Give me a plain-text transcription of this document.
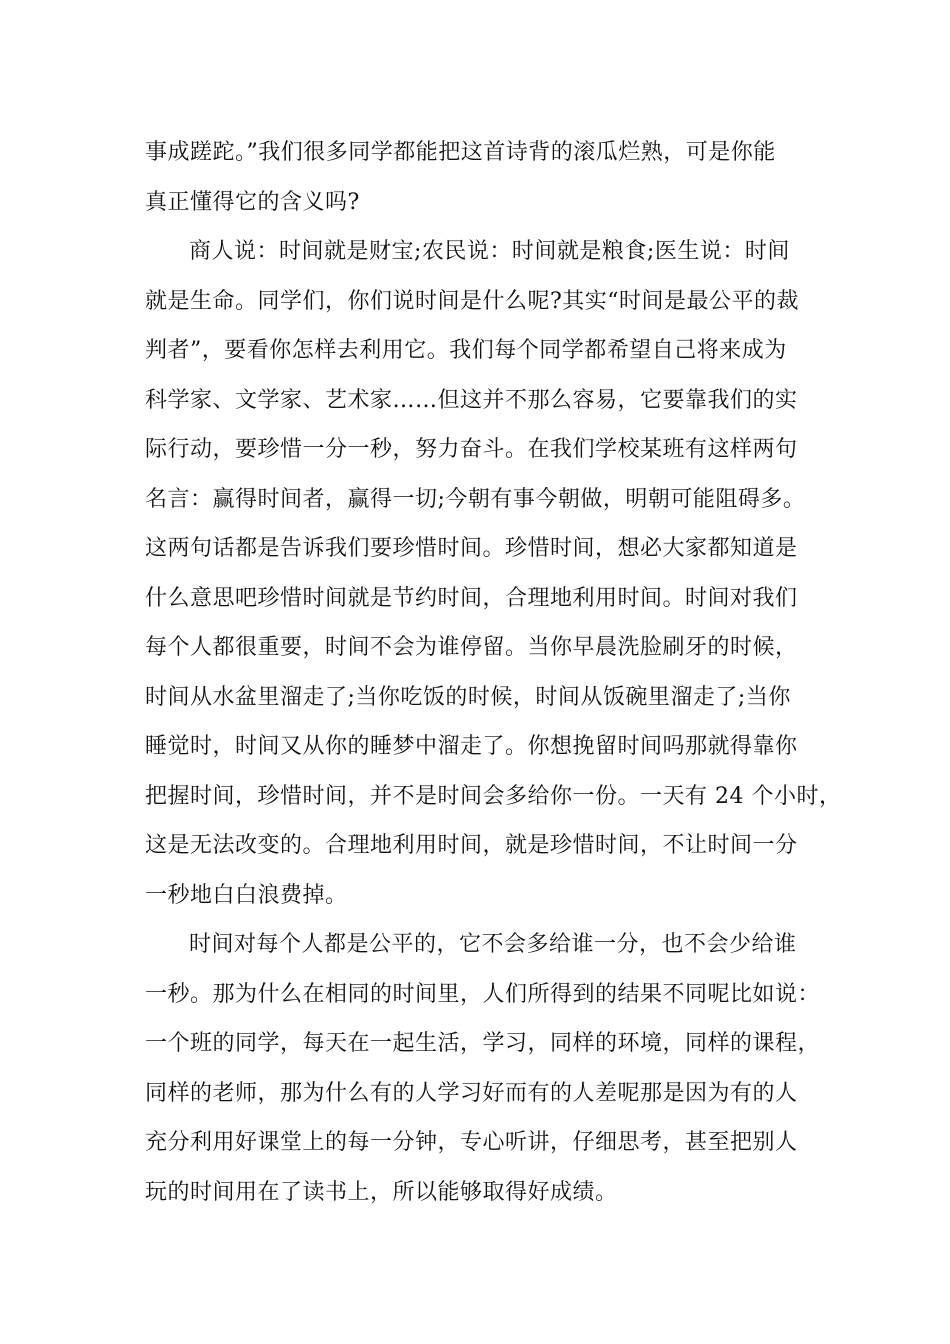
事成蹉跎。”我们很多同学都能把这首诗背的滚瓜烂熟，可是你能
真正懂得它的含义吗?
商人说：时间就是财宝;农民说：时间就是粮食;医生说：时间
就是生命。同学们，你们说时间是什么呢?其实“时间是最公平的裁
判者”，要看你怎样去利用它。我们每个同学都希望自己将来成为
科学家、文学家、艺术家……但这并不那么容易，它要靠我们的实
际行动，要珍惜一分一秒，努力奋斗。在我们学校某班有这样两句
名言：赢得时间者，赢得一切;今朝有事今朝做，明朝可能阻碍多。
这两句话都是告诉我们要珍惜时间。珍惜时间，想必大家都知道是
什么意思吧珍惜时间就是节约时间，合理地利用时间。时间对我们
每个人都很重要，时间不会为谁停留。当你早晨洗脸刷牙的时候，
时间从水盆里溜走了;当你吃饭的时候，时间从饭碗里溜走了;当你
睡觉时，时间又从你的睡梦中溜走了。你想挽留时间吗那就得靠你
把握时间，珍惜时间，并不是时间会多给你一份。一天有 24 个小时，
这是无法改变的。合理地利用时间，就是珍惜时间，不让时间一分
一秒地白白浪费掉。
时间对每个人都是公平的，它不会多给谁一分，也不会少给谁
一秒。那为什么在相同的时间里，人们所得到的结果不同呢比如说：
一个班的同学，每天在一起生活，学习，同样的环境，同样的课程，
同样的老师，那为什么有的人学习好而有的人差呢那是因为有的人
充分利用好课堂上的每一分钟，专心听讲，仔细思考，甚至把别人
玩的时间用在了读书上，所以能够取得好成绩。
